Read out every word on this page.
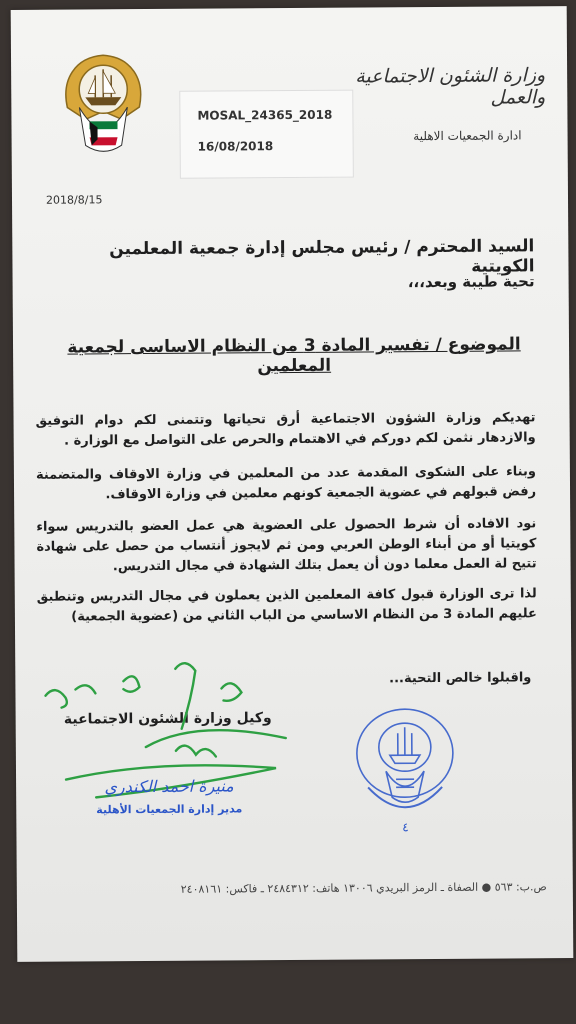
MOSAL_24365_2018
16/08/2018
وزارة الشئون الاجتماعية والعمل
ادارة الجمعيات الاهلية
2018/8/15
السيد المحترم / رئيس مجلس إدارة جمعية المعلمين الكويتية
تحية طيبة وبعد،،،
الموضوع / تفسير المادة 3 من النظام الاساسى لجمعية المعلمين
تهديكم وزارة الشؤون الاجتماعية أرق تحياتها وتتمنى لكم دوام التوفيق والازدهار نثمن لكم دوركم في الاهتمام والحرص على التواصل مع الوزارة .
وبناء على الشكوى المقدمة عدد من المعلمين في وزارة الاوقاف والمتضمنة رفض قبولهم في عضوية الجمعية كونهم معلمين في وزارة الاوقاف.
نود الافاده أن شرط الحصول على العضوية هي عمل العضو بالتدريس سواء كويتيا أو من أبناء الوطن العربي ومن ثم لايجوز أنتساب من حصل على شهادة تتيح لة العمل معلما دون أن يعمل بتلك الشهادة في مجال التدريس.
لذا ترى الوزارة قبول كافة المعلمين الذين يعملون في مجال التدريس وتنطبق عليهم المادة 3 من النظام الاساسي من الباب الثاني من (عضوية الجمعية)
واقبلوا خالص التحية...
وكيل وزارة الشئون الاجتماعية
٤
منيرة احمد الكندري
مدير إدارة الجمعيات الأهلية
ص.ب: ٥٦٣ ● الصفاة ـ الرمز البريدي ١٣٠٠٦ هاتف: ٢٤٨٤٣١٢ ـ فاكس: ٢٤٠٨١٦١
